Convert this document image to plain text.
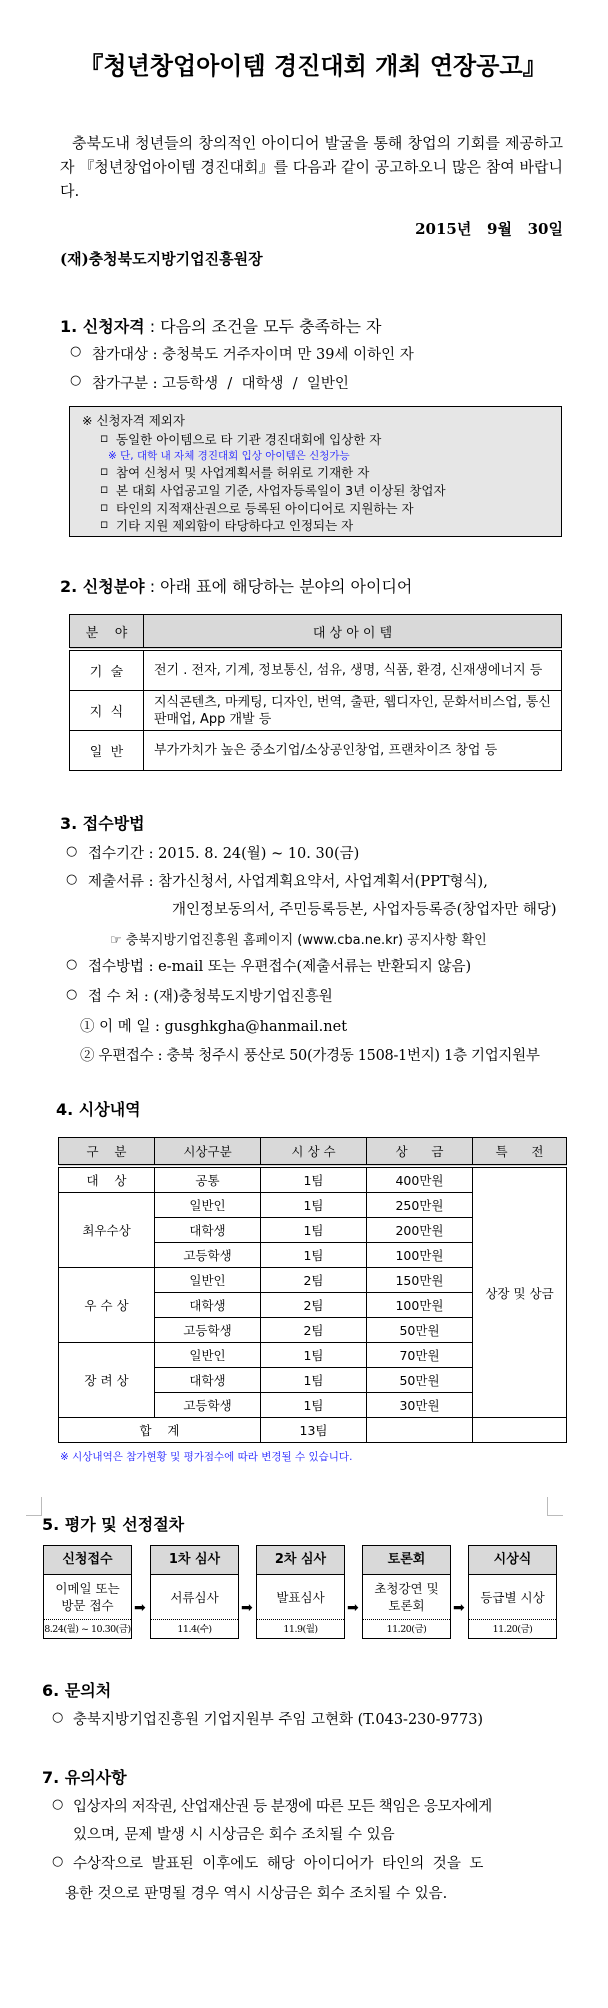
『청년창업아이템 경진대회 개최 연장공고』
충북도내 청년들의 창의적인 아이디어 발굴을 통해 창업의 기회를 제공하고자 『청년창업아이템 경진대회』를 다음과 같이 공고하오니 많은 참여 바랍니다.
2015년   9월   30일
(재)충청북도지방기업진흥원장
1. 신청자격 : 다음의 조건을 모두 충족하는 자
○ 참가대상 : 충청북도 거주자이며 만 39세 이하인 자
○ 참가구분 : 고등학생  /  대학생  /  일반인
※ 신청자격 제외자
▫ 동일한 아이템으로 타 기관 경진대회에 입상한 자
※ 단, 대학 내 자체 경진대회 입상 아이템은 신청가능
▫ 참여 신청서 및 사업계획서를 허위로 기재한 자
▫ 본 대회 사업공고일 기준, 사업자등록일이 3년 이상된 창업자
▫ 타인의 지적재산권으로 등록된 아이디어로 지원하는 자
▫ 기타 지원 제외함이 타당하다고 인정되는 자
2. 신청분야 : 아래 표에 해당하는 분야의 아이디어
분    야	대 상 아 이 템
기  술	전기 . 전자, 기계, 정보통신, 섬유, 생명, 식품, 환경, 신재생에너지 등
지  식	지식콘텐츠, 마케팅, 디자인, 번역, 출판, 웹디자인, 문화서비스업, 통신판매업, App 개발 등
일  반	부가가치가 높은 중소기업/소상공인창업, 프랜차이즈 창업 등
3. 접수방법
○ 접수기간 : 2015. 8. 24(월) ~ 10. 30(금)
○ 제출서류 : 참가신청서, 사업계획요약서, 사업계획서(PPT형식),
개인정보동의서, 주민등록등본, 사업자등록증(창업자만 해당)
☞ 충북지방기업진흥원 홈페이지 (www.cba.ne.kr) 공지사항 확인
○ 접수방법 : e-mail 또는 우편접수(제출서류는 반환되지 않음)
○ 접 수 처 : (재)충청북도지방기업진흥원
① 이 메 일 : gusghkgha@hanmail.net
② 우편접수 : 충북 청주시 풍산로 50(가경동 1508-1번지) 1층 기업지원부
4. 시상내역
구    분	시상구분	시 상 수	상      금	특      전
대    상	공통	1팀	400만원	상장 및 상금
최우수상	일반인	1팀	250만원	
	대학생	1팀	200만원	
	고등학생	1팀	100만원	
우 수 상	일반인	2팀	150만원	
	대학생	2팀	100만원	
	고등학생	2팀	50만원	
장 려 상	일반인	1팀	70만원	
	대학생	1팀	50만원	
	고등학생	1팀	30만원	
합    계		13팀		
※ 시상내역은 참가현황 및 평가점수에 따라 변경될 수 있습니다.
5. 평가 및 선정절차
신청접수
이메일 또는 방문 접수
8.24(월) ~ 10.30(금)
➡
1차 심사
서류심사
11.4(수)
➡
2차 심사
발표심사
11.9(월)
➡
토론회
초청강연 및 토론회
11.20(금)
➡
시상식
등급별 시상
11.20(금)
6. 문의처
○ 충북지방기업진흥원 기업지원부 주임 고현화 (T.043-230-9773)
7. 유의사항
○ 입상자의 저작권, 산업재산권 등 분쟁에 따른 모든 책임은 응모자에게
있으며, 문제 발생 시 시상금은 회수 조치될 수 있음
○ 수상작으로 발표된 이후에도 해당 아이디어가 타인의 것을 도
용한 것으로 판명될 경우 역시 시상금은 회수 조치될 수 있음.
